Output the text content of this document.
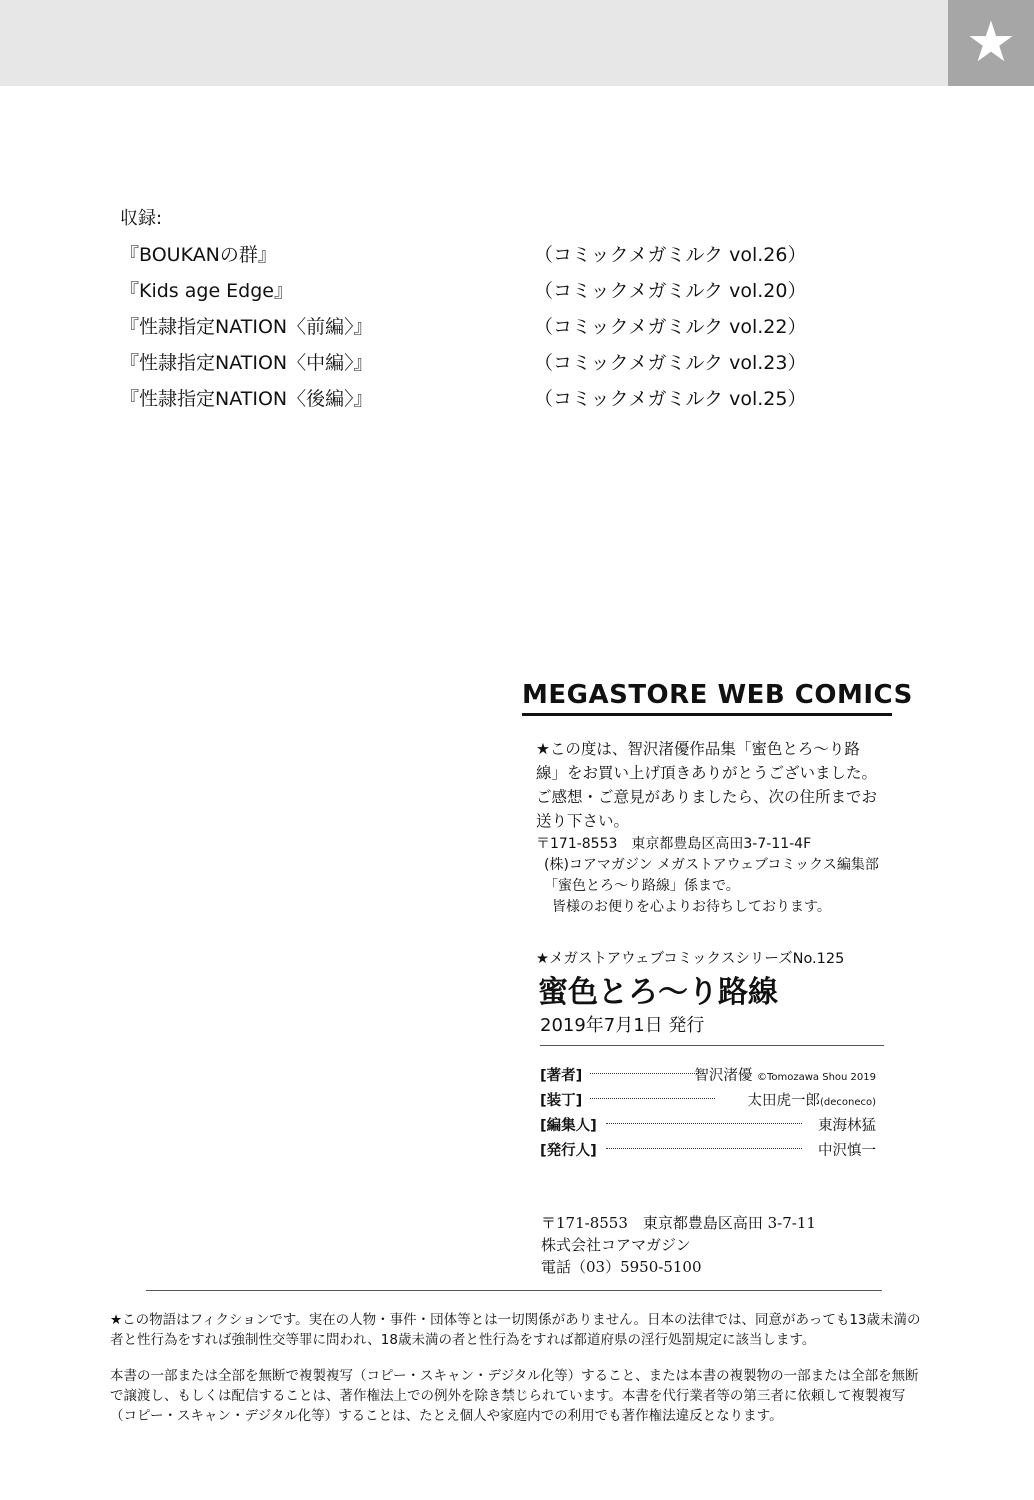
★
収録:
『BOUKANの群』	（コミックメガミルク vol.26）
『Kids age Edge』	（コミックメガミルク vol.20）
『性隷指定NATION〈前編〉』	（コミックメガミルク vol.22）
『性隷指定NATION〈中編〉』	（コミックメガミルク vol.23）
『性隷指定NATION〈後編〉』	（コミックメガミルク vol.25）
MEGASTORE WEB COMICS
★この度は、智沢渚優作品集「蜜色とろ〜り路線」をお買い上げ頂きありがとうございました。ご感想・ご意見がありましたら、次の住所までお送り下さい。
〒171-8553　東京都豊島区高田3-7-11-4F
(株)コアマガジン メガストアウェブコミックス編集部
「蜜色とろ〜り路線」係まで。
皆様のお便りを心よりお待ちしております。
★メガストアウェブコミックスシリーズNo.125
蜜色とろ〜り路線
2019年7月1日 発行
[著者]	智沢渚優 ©Tomozawa Shou 2019
[装丁]	太田虎一郎(deconeco)
[編集人]	東海林猛
[発行人]	中沢慎一
〒171-8553　東京都豊島区高田 3-7-11
株式会社コアマガジン
電話（03）5950-5100
★この物語はフィクションです。実在の人物・事件・団体等とは一切関係がありません。日本の法律では、同意があっても13歳未満の者と性行為をすれば強制性交等罪に問われ、18歳未満の者と性行為をすれば都道府県の淫行処罰規定に該当します。
本書の一部または全部を無断で複製複写（コピー・スキャン・デジタル化等）すること、または本書の複製物の一部または全部を無断で譲渡し、もしくは配信することは、著作権法上での例外を除き禁じられています。本書を代行業者等の第三者に依頼して複製複写（コピー・スキャン・デジタル化等）することは、たとえ個人や家庭内での利用でも著作権法違反となります。
